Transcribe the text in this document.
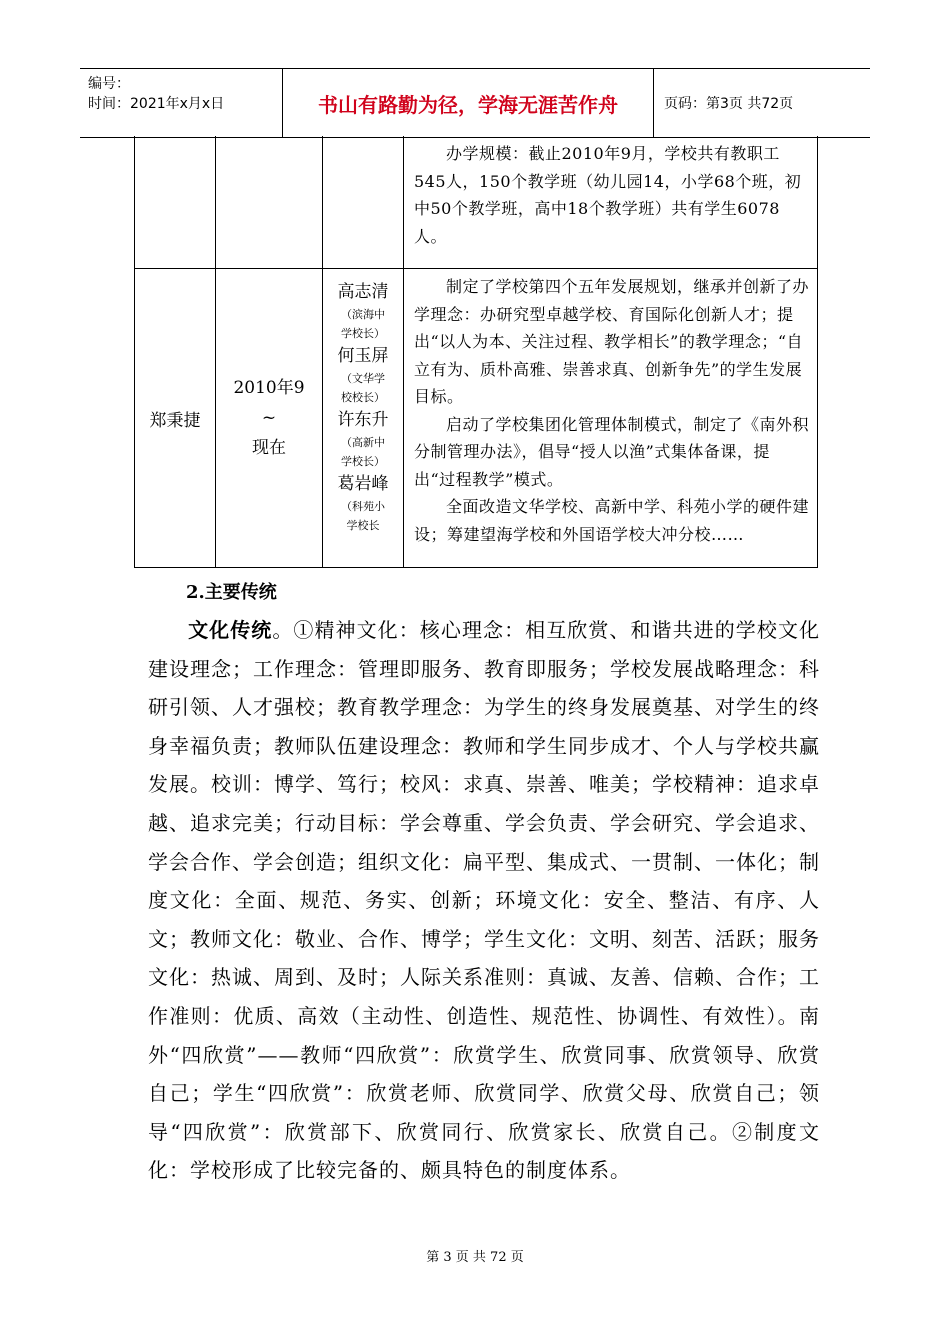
编号：
时间：2021年x月x日	书山有路勤为径，学海无涯苦作舟	页码：第3页 共72页

办学规模：截止2010年9月，学校共有教职工545人，150个教学班（幼儿园14，小学68个班，初中50个教学班，高中18个教学班）共有学生6078人。

郑秉捷
2010年9
~
现在
高志清
（滨海中学校长）
何玉屏
（文华学校校长）
许东升
（高新中学校长）
葛岩峰
（科苑小学校长

制定了学校第四个五年发展规划，继承并创新了办学理念：办研究型卓越学校、育国际化创新人才；提出“以人为本、关注过程、教学相长”的教学理念；“自立有为、质朴高雅、崇善求真、创新争先”的学生发展目标。

启动了学校集团化管理体制模式，制定了《南外积分制管理办法》，倡导“授人以渔”式集体备课，提出“过程教学”模式。

全面改造文华学校、高新中学、科苑小学的硬件建设；筹建望海学校和外国语学校大冲分校……

2.主要传统
文化传统。①精神文化：核心理念：相互欣赏、和谐共进的学校文化建设理念；工作理念：管理即服务、教育即服务；学校发展战略理念：科研引领、人才强校；教育教学理念：为学生的终身发展奠基、对学生的终身幸福负责；教师队伍建设理念：教师和学生同步成才、个人与学校共赢发展。校训：博学、笃行；校风：求真、崇善、唯美；学校精神：追求卓越、追求完美；行动目标：学会尊重、学会负责、学会研究、学会追求、学会合作、学会创造；组织文化：扁平型、集成式、一贯制、一体化；制度文化：全面、规范、务实、创新；环境文化：安全、整洁、有序、人文；教师文化：敬业、合作、博学；学生文化：文明、刻苦、活跃；服务文化：热诚、周到、及时；人际关系准则：真诚、友善、信赖、合作；工作准则：优质、高效（主动性、创造性、规范性、协调性、有效性）。南外“四欣赏”——教师“四欣赏”：欣赏学生、欣赏同事、欣赏领导、欣赏自己；学生“四欣赏”：欣赏老师、欣赏同学、欣赏父母、欣赏自己；领导“四欣赏”：欣赏部下、欣赏同行、欣赏家长、欣赏自己。②制度文化：学校形成了比较完备的、颇具特色的制度体系。
第 3 页 共 72 页
